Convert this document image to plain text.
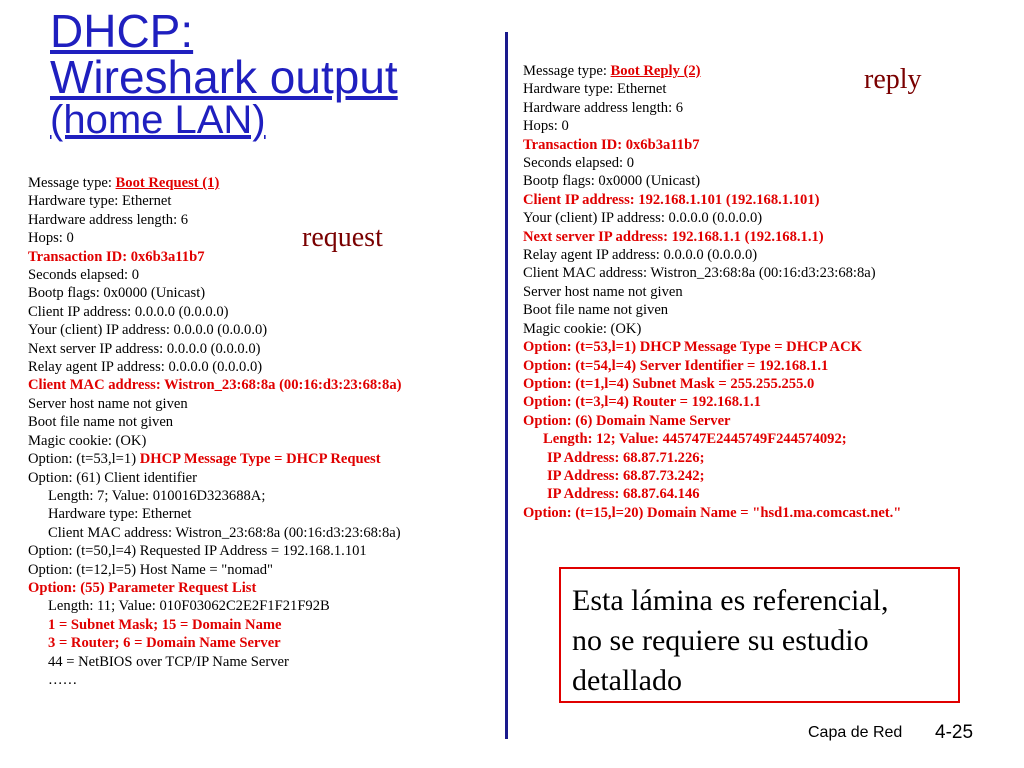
DHCP:
Wireshark output
(home LAN)
Message type: Boot Request (1)
Hardware type: Ethernet
Hardware address length: 6
Hops: 0
Transaction ID: 0x6b3a11b7
Seconds elapsed: 0
Bootp flags: 0x0000 (Unicast)
Client IP address: 0.0.0.0 (0.0.0.0)
Your (client) IP address: 0.0.0.0 (0.0.0.0)
Next server IP address: 0.0.0.0 (0.0.0.0)
Relay agent IP address: 0.0.0.0 (0.0.0.0)
Client MAC address: Wistron_23:68:8a (00:16:d3:23:68:8a)
Server host name not given
Boot file name not given
Magic cookie: (OK)
Option: (t=53,l=1) DHCP Message Type = DHCP Request
Option: (61) Client identifier
Length: 7; Value: 010016D323688A;
Hardware type: Ethernet
Client MAC address: Wistron_23:68:8a (00:16:d3:23:68:8a)
Option: (t=50,l=4) Requested IP Address = 192.168.1.101
Option: (t=12,l=5) Host Name = "nomad"
Option: (55) Parameter Request List
Length: 11; Value: 010F03062C2E2F1F21F92B
1 = Subnet Mask; 15 = Domain Name
3 = Router; 6 = Domain Name Server
44 = NetBIOS over TCP/IP Name Server
……
request
Message type: Boot Reply (2)
Hardware type: Ethernet
Hardware address length: 6
Hops: 0
Transaction ID: 0x6b3a11b7
Seconds elapsed: 0
Bootp flags: 0x0000 (Unicast)
Client IP address: 192.168.1.101 (192.168.1.101)
Your (client) IP address: 0.0.0.0 (0.0.0.0)
Next server IP address: 192.168.1.1 (192.168.1.1)
Relay agent IP address: 0.0.0.0 (0.0.0.0)
Client MAC address: Wistron_23:68:8a (00:16:d3:23:68:8a)
Server host name not given
Boot file name not given
Magic cookie: (OK)
Option: (t=53,l=1) DHCP Message Type = DHCP ACK
Option: (t=54,l=4) Server Identifier = 192.168.1.1
Option: (t=1,l=4) Subnet Mask = 255.255.255.0
Option: (t=3,l=4) Router = 192.168.1.1
Option: (6) Domain Name Server
Length: 12; Value: 445747E2445749F244574092;
IP Address: 68.87.71.226;
IP Address: 68.87.73.242;
IP Address: 68.87.64.146
Option: (t=15,l=20) Domain Name = "hsd1.ma.comcast.net."
reply
Esta lámina es referencial,
no se requiere su estudio
detallado
Capa de Red 4-25
